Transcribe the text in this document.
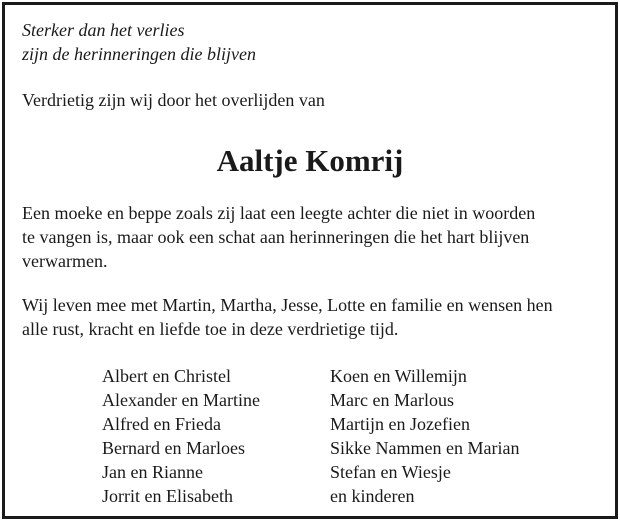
Sterker dan het verlies
zijn de herinneringen die blijven
Verdrietig zijn wij door het overlijden van
Aaltje Komrij
Een moeke en beppe zoals zij laat een leegte achter die niet in woorden
te vangen is, maar ook een schat aan herinneringen die het hart blijven
verwarmen.
Wij leven mee met Martin, Martha, Jesse, Lotte en familie en wensen hen
alle rust, kracht en liefde toe in deze verdrietige tijd.
Albert en Christel
Alexander en Martine
Alfred en Frieda
Bernard en Marloes
Jan en Rianne
Jorrit en Elisabeth
Koen en Willemijn
Marc en Marlous
Martijn en Jozefien
Sikke Nammen en Marian
Stefan en Wiesje
en kinderen
